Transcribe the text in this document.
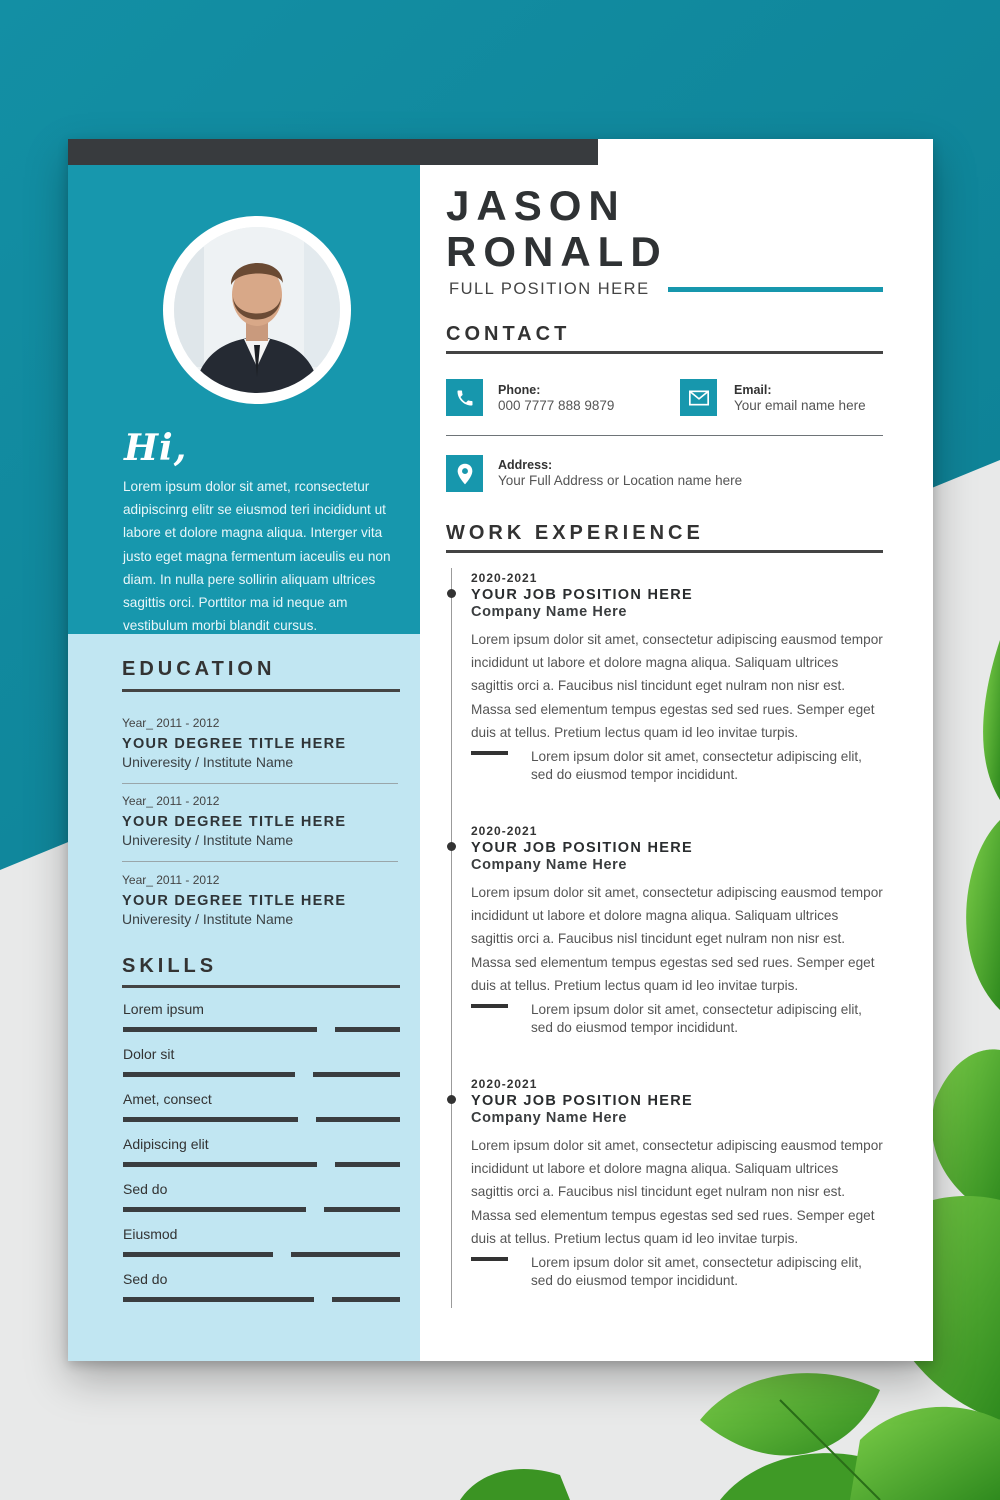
Hi,
Lorem ipsum dolor sit amet, rconsectetur adipiscinrg elitr se eiusmod teri incididunt ut labore et dolore magna aliqua. Interger vita justo eget magna fermentum iaceulis eu non diam. In nulla pere sollirin aliquam ultrices sagittis orci. Porttitor ma id neque am vestibulum morbi blandit cursus.
EDUCATION
Year_ 2011 - 2012
YOUR DEGREE TITLE HERE
Univeresity / Institute Name
Year_ 2011 - 2012
YOUR DEGREE TITLE HERE
Univeresity / Institute Name
Year_ 2011 - 2012
YOUR DEGREE TITLE HERE
Univeresity / Institute Name
SKILLS
Lorem ipsum
Dolor sit
Amet, consect
Adipiscing elit
Sed do
Eiusmod
Sed do
JASON
RONALD
FULL POSITION HERE
CONTACT
Phone:
000 7777 888 9879
Email:
Your email name here
Address:
Your Full Address or Location name here
WORK EXPERIENCE
2020-2021
YOUR JOB POSITION HERE
Company Name Here
Lorem ipsum dolor sit amet, consectetur adipiscing eausmod tempor incididunt ut labore et dolore magna aliqua. Saliquam ultrices sagittis orci a. Faucibus nisl tincidunt eget nulram non nisr est. Massa sed elementum tempus egestas sed sed rues. Semper eget duis at tellus. Pretium lectus quam id leo invitae turpis.
Lorem ipsum dolor sit amet, consectetur adipiscing elit, sed do eiusmod tempor incididunt.
2020-2021
YOUR JOB POSITION HERE
Company Name Here
Lorem ipsum dolor sit amet, consectetur adipiscing eausmod tempor incididunt ut labore et dolore magna aliqua. Saliquam ultrices sagittis orci a. Faucibus nisl tincidunt eget nulram non nisr est. Massa sed elementum tempus egestas sed sed rues. Semper eget duis at tellus. Pretium lectus quam id leo invitae turpis.
Lorem ipsum dolor sit amet, consectetur adipiscing elit, sed do eiusmod tempor incididunt.
2020-2021
YOUR JOB POSITION HERE
Company Name Here
Lorem ipsum dolor sit amet, consectetur adipiscing eausmod tempor incididunt ut labore et dolore magna aliqua. Saliquam ultrices sagittis orci a. Faucibus nisl tincidunt eget nulram non nisr est. Massa sed elementum tempus egestas sed sed rues. Semper eget duis at tellus. Pretium lectus quam id leo invitae turpis.
Lorem ipsum dolor sit amet, consectetur adipiscing elit, sed do eiusmod tempor incididunt.
